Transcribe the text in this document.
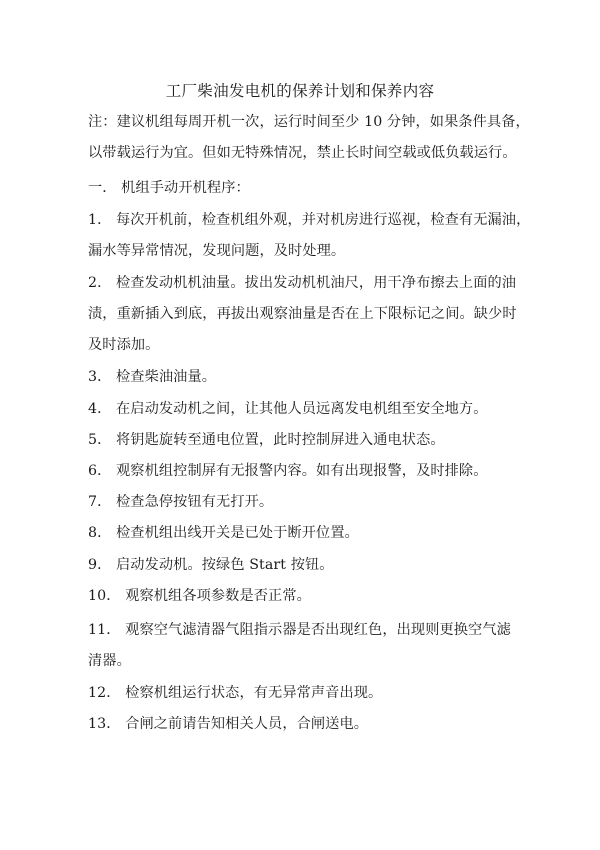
工厂柴油发电机的保养计划和保养内容
注：建议机组每周开机一次，运行时间至少 10 分钟，如果条件具备，
以带载运行为宜。但如无特殊情况，禁止长时间空载或低负载运行。
一． 机组手动开机程序：
1． 每次开机前，检查机组外观，并对机房进行巡视，检查有无漏油，
漏水等异常情况，发现问题，及时处理。
2． 检查发动机机油量。拔出发动机机油尺，用干净布擦去上面的油
渍，重新插入到底，再拔出观察油量是否在上下限标记之间。缺少时
及时添加。
3． 检查柴油油量。
4． 在启动发动机之间，让其他人员远离发电机组至安全地方。
5． 将钥匙旋转至通电位置，此时控制屏进入通电状态。
6． 观察机组控制屏有无报警内容。如有出现报警，及时排除。
7． 检查急停按钮有无打开。
8． 检查机组出线开关是已处于断开位置。
9． 启动发动机。按绿色 Start 按钮。
10． 观察机组各项参数是否正常。
11． 观察空气滤清器气阻指示器是否出现红色，出现则更换空气滤
清器。
12． 检察机组运行状态，有无异常声音出现。
13． 合闸之前请告知相关人员，合闸送电。
